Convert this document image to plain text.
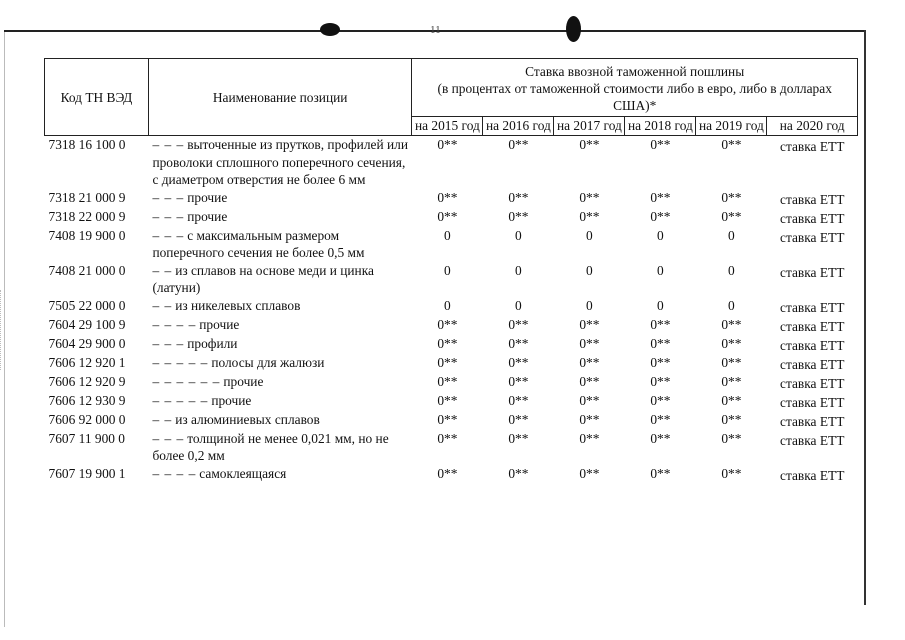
11
Код ТН ВЭД	Наименование позиции	Ставка ввозной таможенной пошлины
(в процентах от таможенной стоимости либо в евро, либо в долларах США)*					
		на 2015 год	на 2016 год	на 2017 год	на 2018 год	на 2019 год	на 2020 год
7318 16 100 0	– – – выточенные из прутков, профилей или проволоки сплошного поперечного сечения, с диаметром отверстия не более 6 мм	0**	0**	0**	0**	0**	ставка ЕТТ
7318 21 000 9	– – – прочие	0**	0**	0**	0**	0**	ставка ЕТТ
7318 22 000 9	– – – прочие	0**	0**	0**	0**	0**	ставка ЕТТ
7408 19 900 0	– – – с максимальным размером поперечного сечения не более 0,5 мм	0	0	0	0	0	ставка ЕТТ
7408 21 000 0	– – из сплавов на основе меди и цинка (латуни)	0	0	0	0	0	ставка ЕТТ
7505 22 000 0	– – из никелевых сплавов	0	0	0	0	0	ставка ЕТТ
7604 29 100 9	– – – – прочие	0**	0**	0**	0**	0**	ставка ЕТТ
7604 29 900 0	– – – профили	0**	0**	0**	0**	0**	ставка ЕТТ
7606 12 920 1	– – – – – полосы для жалюзи	0**	0**	0**	0**	0**	ставка ЕТТ
7606 12 920 9	– – – – – – прочие	0**	0**	0**	0**	0**	ставка ЕТТ
7606 12 930 9	– – – – – прочие	0**	0**	0**	0**	0**	ставка ЕТТ
7606 92 000 0	– – из алюминиевых сплавов	0**	0**	0**	0**	0**	ставка ЕТТ
7607 11 900 0	– – – толщиной не менее 0,021 мм, но не более 0,2 мм	0**	0**	0**	0**	0**	ставка ЕТТ
7607 19 900 1	– – – – самоклеящаяся	0**	0**	0**	0**	0**	ставка ЕТТ
